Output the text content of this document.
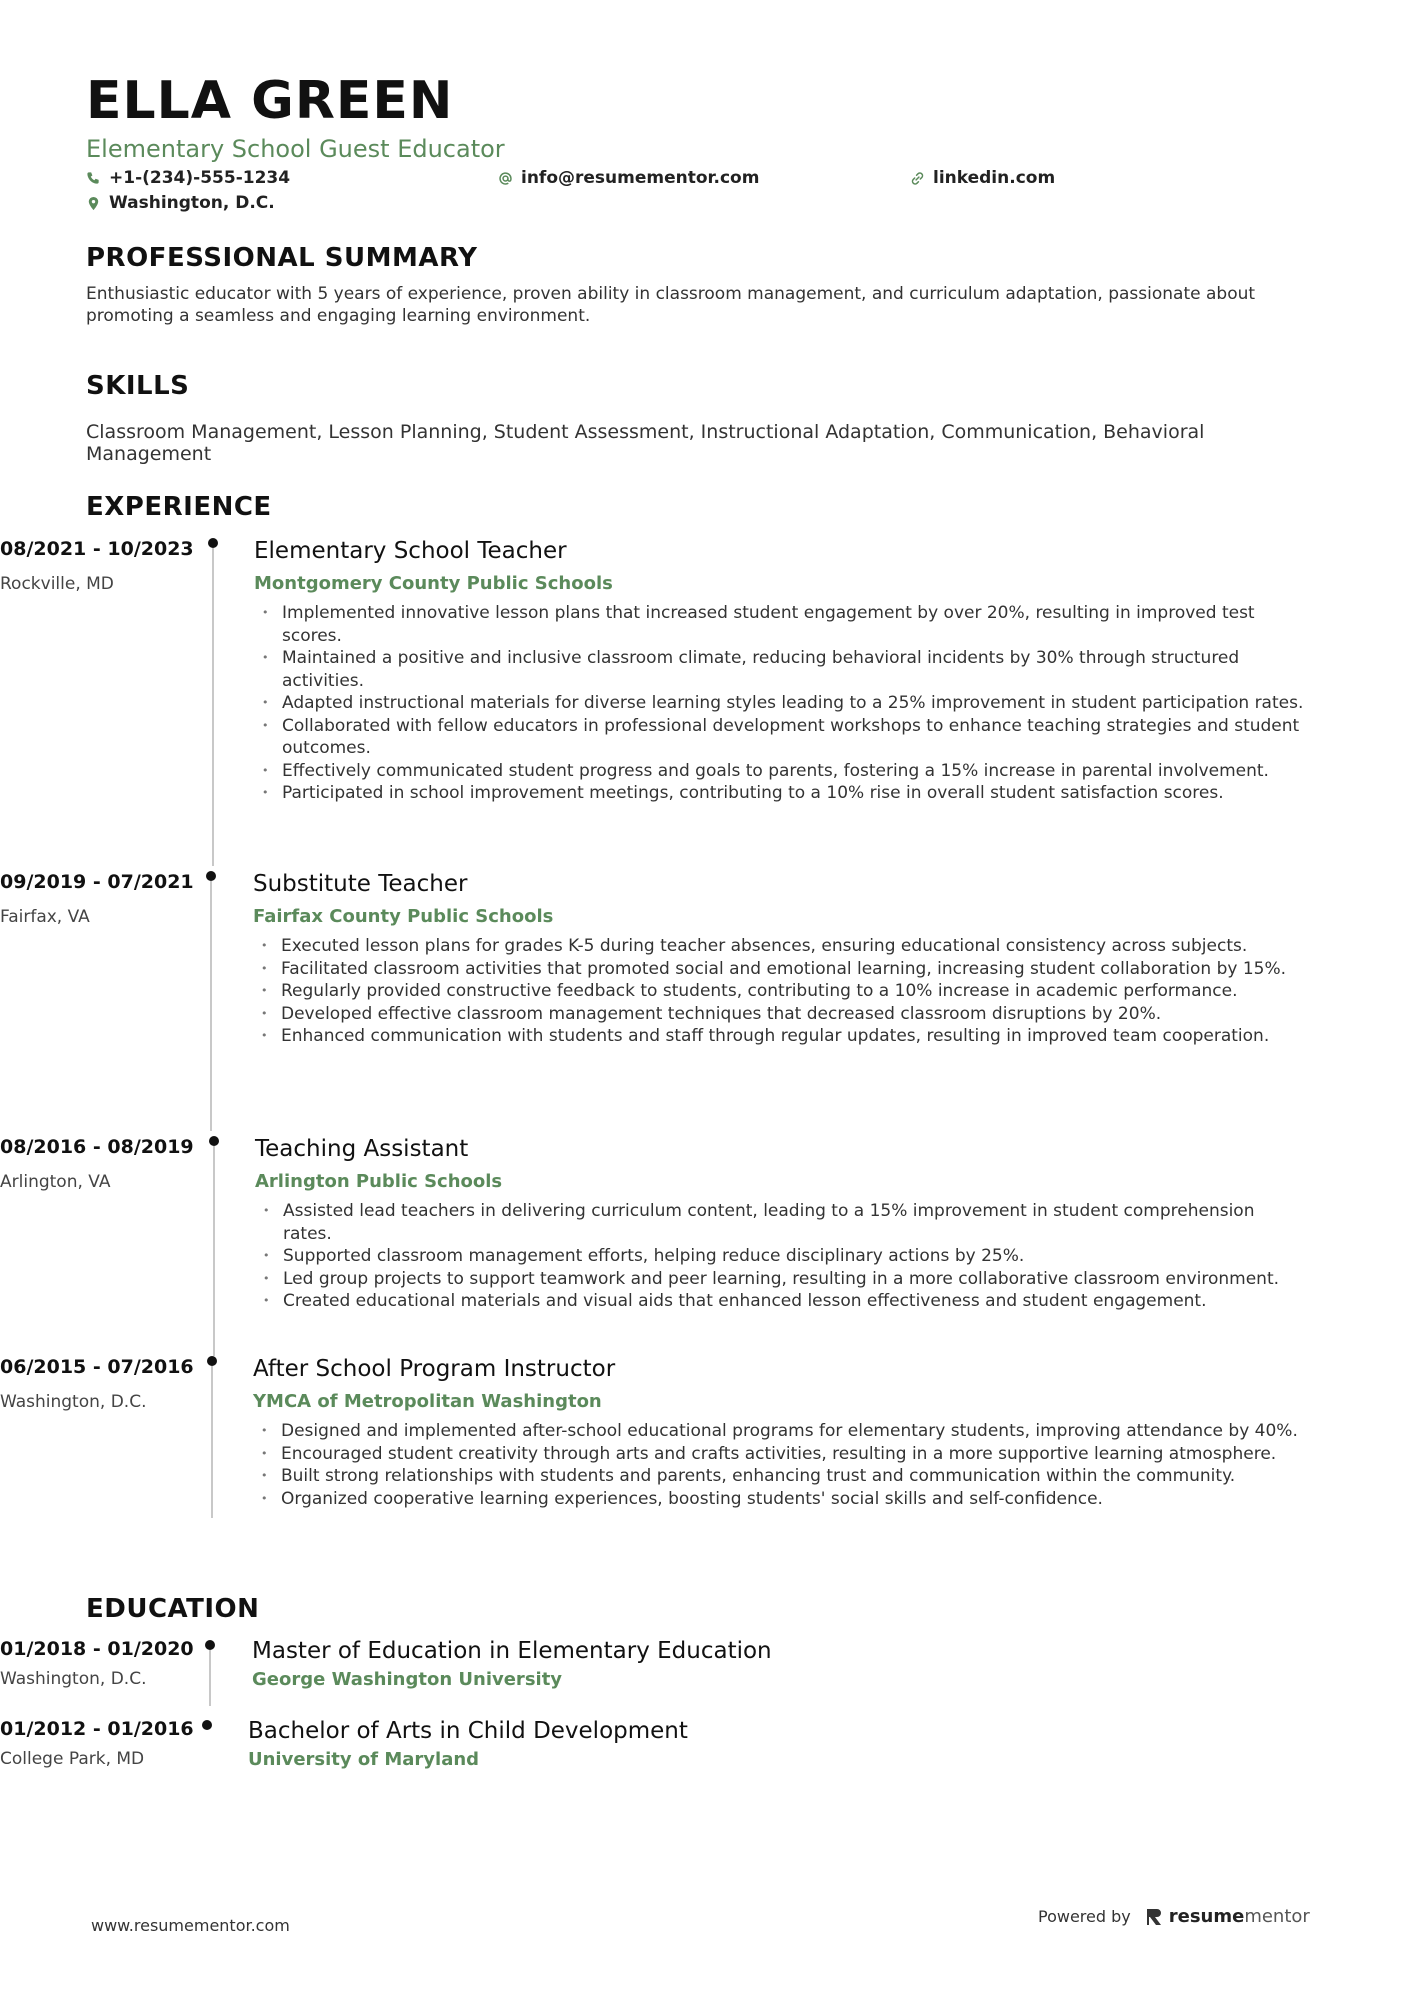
ELLA GREEN
Elementary School Guest Educator
+1-(234)-555-1234	info@resumementor.com	linkedin.com
Washington, D.C.
PROFESSIONAL SUMMARY
Enthusiastic educator with 5 years of experience, proven ability in classroom management, and curriculum adaptation, passionate about promoting a seamless and engaging learning environment.
SKILLS
Classroom Management, Lesson Planning, Student Assessment, Instructional Adaptation, Communication, Behavioral Management
EXPERIENCE
08/2021 - 10/2023
Rockville, MD
Elementary School Teacher
Montgomery County Public Schools
• Implemented innovative lesson plans that increased student engagement by over 20%, resulting in improved test scores.
• Maintained a positive and inclusive classroom climate, reducing behavioral incidents by 30% through structured activities.
• Adapted instructional materials for diverse learning styles leading to a 25% improvement in student participation rates.
• Collaborated with fellow educators in professional development workshops to enhance teaching strategies and student outcomes.
• Effectively communicated student progress and goals to parents, fostering a 15% increase in parental involvement.
• Participated in school improvement meetings, contributing to a 10% rise in overall student satisfaction scores.
09/2019 - 07/2021
Fairfax, VA
Substitute Teacher
Fairfax County Public Schools
• Executed lesson plans for grades K-5 during teacher absences, ensuring educational consistency across subjects.
• Facilitated classroom activities that promoted social and emotional learning, increasing student collaboration by 15%.
• Regularly provided constructive feedback to students, contributing to a 10% increase in academic performance.
• Developed effective classroom management techniques that decreased classroom disruptions by 20%.
• Enhanced communication with students and staff through regular updates, resulting in improved team cooperation.
08/2016 - 08/2019
Arlington, VA
Teaching Assistant
Arlington Public Schools
• Assisted lead teachers in delivering curriculum content, leading to a 15% improvement in student comprehension rates.
• Supported classroom management efforts, helping reduce disciplinary actions by 25%.
• Led group projects to support teamwork and peer learning, resulting in a more collaborative classroom environment.
• Created educational materials and visual aids that enhanced lesson effectiveness and student engagement.
06/2015 - 07/2016
Washington, D.C.
After School Program Instructor
YMCA of Metropolitan Washington
• Designed and implemented after-school educational programs for elementary students, improving attendance by 40%.
• Encouraged student creativity through arts and crafts activities, resulting in a more supportive learning atmosphere.
• Built strong relationships with students and parents, enhancing trust and communication within the community.
• Organized cooperative learning experiences, boosting students' social skills and self-confidence.
EDUCATION
01/2018 - 01/2020
Washington, D.C.
Master of Education in Elementary Education
George Washington University
01/2012 - 01/2016
College Park, MD
Bachelor of Arts in Child Development
University of Maryland
www.resumementor.com	Powered by resumementor
